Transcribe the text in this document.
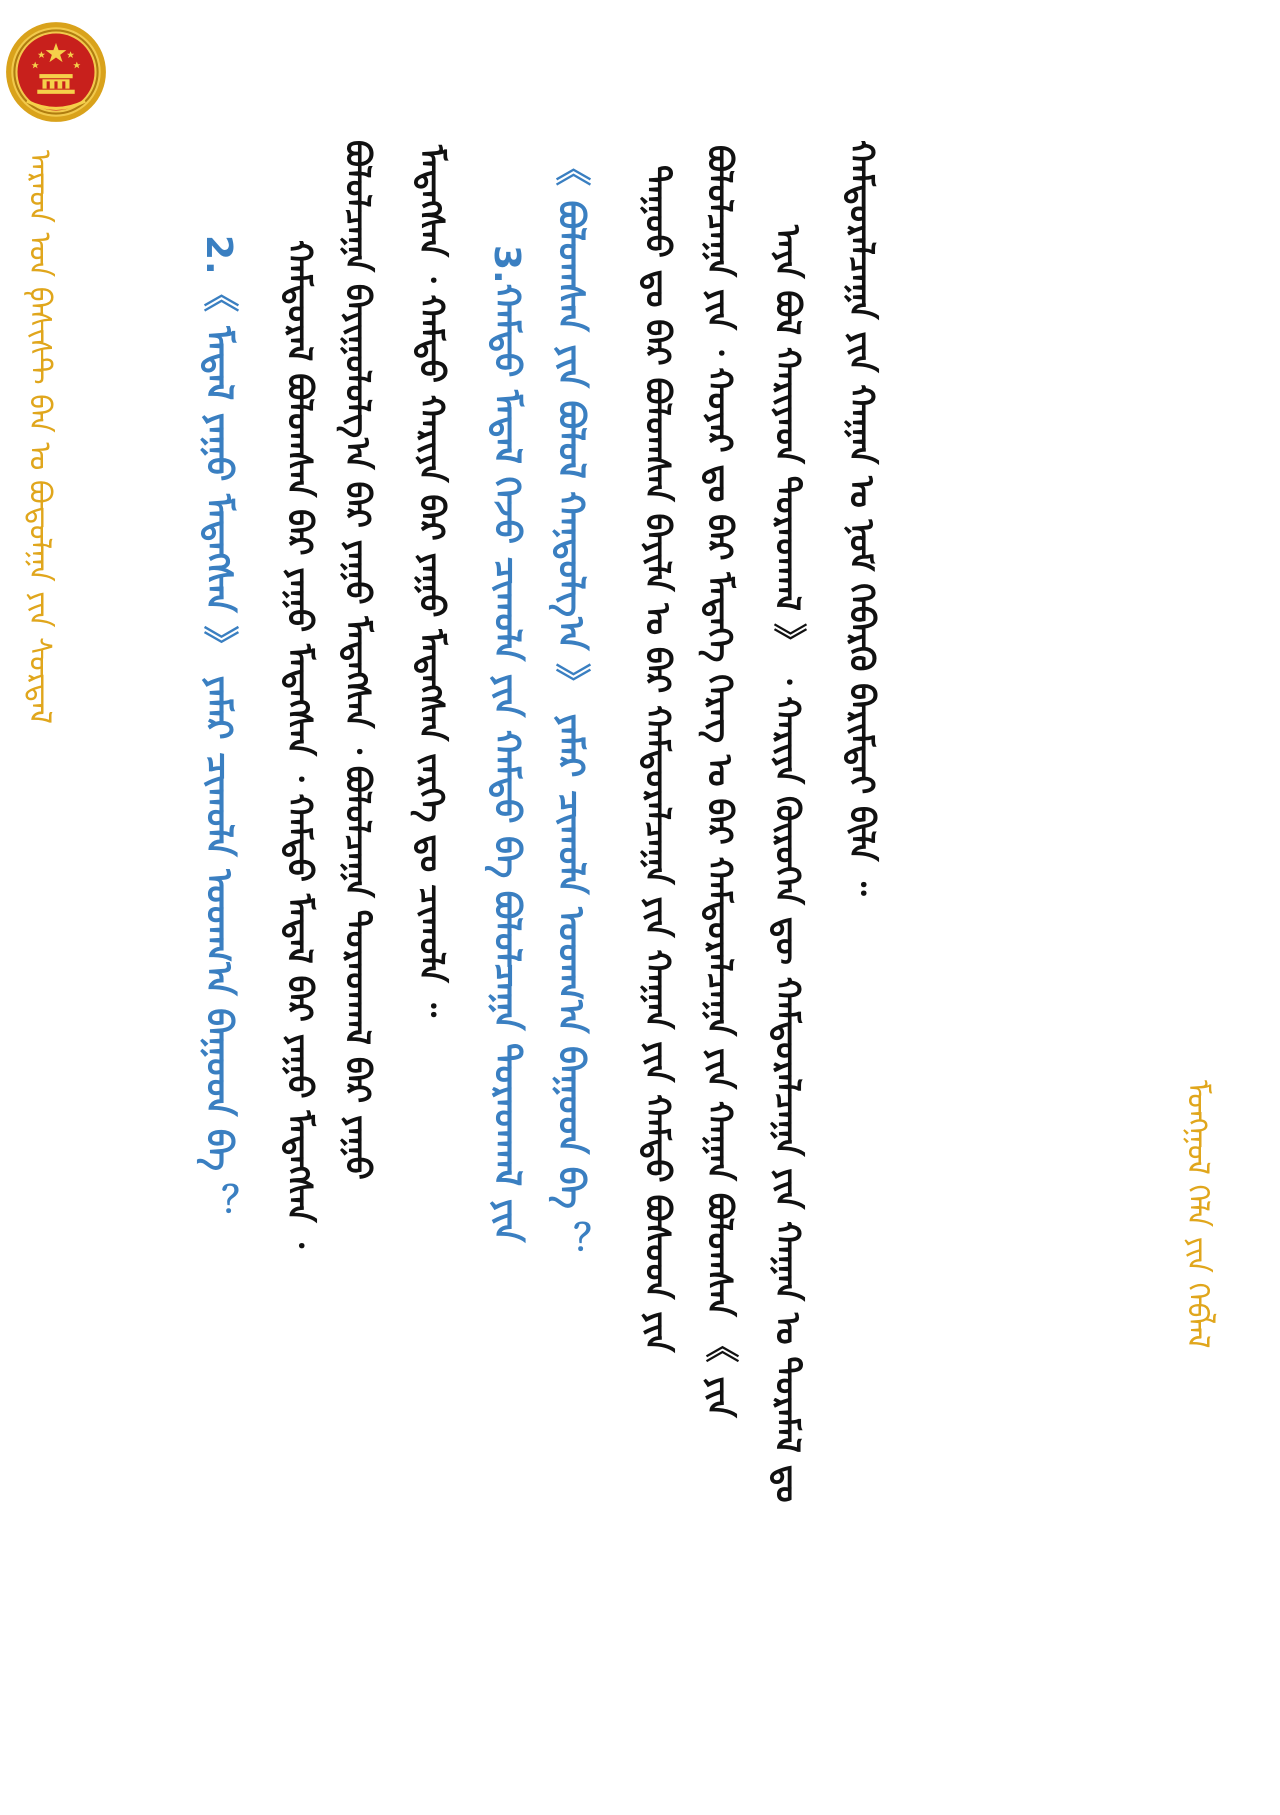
ᠠᠷᠠᠳ ᠤᠨ ᠹᠠᠰᠢᠰᠲ ᠪᠠᠨ ᠤ ᠪᠣᠳᠣᠯᠭᠠ ᠶᠢᠨ ᠰᠤᠷᠲᠠᠯ	2.《 ᠮᠡᠳᠡᠯ ᠶᠠᠭᠤ ᠮᠡᠳᠡᠭᠰᠡᠨ 》 ᠶᠠᠮᠠᠷ ᠴᠢᠬᠤᠯᠠ ᠤᠳᠬ᠎ᠠ ᠪᠠᠭᠤᠳ ᠪᠡ ？ ᠬᠠᠮᠲᠤᠷᠠᠯ ᠪᠣᠯᠤᠭᠰᠠᠨ ᠪᠡᠷ ᠶᠠᠭᠤ ᠮᠡᠳᠡᠭᠰᠡᠨ ᠂ ᠬᠠᠮᠲᠤ ᠮᠡᠳᠡᠯ ᠪᠡᠷ ᠶᠠᠭᠤ ᠮᠡᠳᠡᠭᠰᠡᠨ ᠂ ᠪᠣᠯᠤᠯᠴᠠᠭᠠ ᠪᠠᠶᠢᠭᠤᠯᠤᠯᠭ᠎ᠠ ᠪᠡᠷ ᠶᠠᠭᠤ ᠮᠡᠳᠡᠭᠰᠡᠨ ᠂ ᠪᠣᠯᠤᠯᠴᠠᠭᠠ ᠳᠤᠷᠠᠳᠬᠠᠯ ᠪᠡᠷ ᠶᠠᠭᠤ ᠮᠡᠳᠡᠭᠰᠡᠨ ᠂ ᠬᠠᠮᠲᠤ ᠬᠠᠷᠢᠶᠠ ᠪᠡᠷ ᠶᠠᠭᠤ ᠮᠡᠳᠡᠭᠰᠡᠨ ᠵᠡᠷᠭᠡ ᠳᠤ ᠴᠢᠬᠤᠯᠠ ᠃ 3.ᠬᠠᠮᠲᠤ ᠮᠡᠳᠡᠯ ᠭᠡᠵᠦ ᠴᠢᠬᠤᠯᠠ ᠶᠢᠨ ᠬᠠᠮᠲᠤ ᠪᠠ ᠪᠣᠯᠤᠯᠴᠠᠭᠠ ᠳᠤᠷᠠᠳᠬᠠᠯ ᠶᠢᠨ 《 ᠪᠣᠯᠤᠭᠰᠠᠨ ᠶᠢᠨ ᠪᠣᠯᠤᠯ ᠬᠠᠨ᠋ᠳᠤᠯᠭ᠎ᠠ 》 ᠶᠠᠮᠠᠷ ᠴᠢᠬᠤᠯᠠ ᠤᠳᠬ᠎ᠠ ᠪᠠᠭᠤᠳ ᠪᠡ ？ ᠳᠠᠭᠤᠤ ᠳᠤ ᠪᠡᠷ ᠪᠣᠯᠤᠭᠰᠠᠨ ᠪᠠᠶᠢᠯᠠ ᠤ ᠪᠡᠷ ᠬᠠᠮᠲᠤᠷᠠᠯᠴᠠᠭᠠ ᠶᠢᠨ ᠬᠠᠭᠠᠨ ᠶᠢᠨ ᠬᠠᠮᠲᠤ ᠪᠤᠰᠤᠳ ᠶᠢᠨ ᠪᠣᠯᠤᠯᠴᠠᠭᠠ ᠶᠢᠨ ᠂ ᠬᠣᠶᠠᠷ ᠳᠤ ᠪᠡᠷ ᠮᠡᠳᠡᠭᠡ ᠬᠡᠷᠡᠭ ᠤ ᠪᠠᠷ ᠬᠠᠮᠲᠤᠷᠠᠯᠴᠠᠭᠠ ᠶᠢᠨ ᠬᠠᠭᠠᠨ ᠪᠣᠯᠤᠭᠰᠠᠨ 《 ᠶᠢᠨ ᠠᠶᠠ ᠪᠣᠯ ᠬᠠᠷᠢᠶᠠᠳ ᠳᠤᠷᠠᠳᠬᠠᠯ 》 ᠂ ᠬᠠᠷᠢᠶᠠ ᠬᠦᠷᠦᠭᠡᠨ ᠳᠦ ᠬᠠᠮᠲᠤᠷᠠᠯᠴᠠᠭᠠ ᠶᠢᠨ ᠬᠠᠭᠠᠨ ᠤ ᠳᠤᠷᠠᠮᠠᠯ ᠳᠤ ᠬᠠᠮᠲᠤᠷᠠᠯᠴᠠᠭᠠ ᠶᠢᠨ ᠬᠠᠭᠠᠨ ᠤ ᠨᠤᠮ ᠬᠡᠪᠡᠷᠬᠦ ᠪᠠᠷᠢᠮᠲᠠᠢ ᠪᠢᠯᠡ ᠃
ᠮᠣᠩᠭᠣᠯ ᠬᠡᠯᠡ ᠶᠢᠨ ᠬᠡᠪᠯᠡᠯ
